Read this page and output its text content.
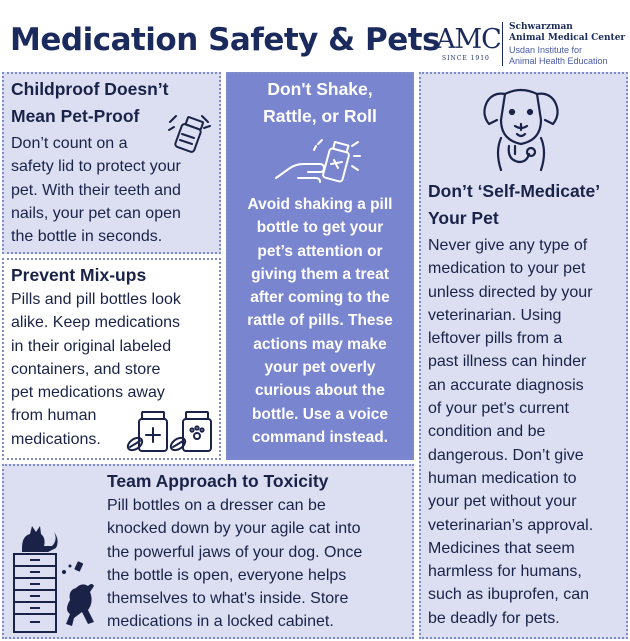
Medication Safety & Pets
AMC
SINCE 1910
Schwarzman
Animal Medical Center
Usdan Institute for
Animal Health Education
Childproof Doesn’t
Mean Pet-Proof
Don’t count on a
safety lid to protect your
pet. With their teeth and
nails, your pet can open
the bottle in seconds.
Don't Shake,
Rattle, or Roll
Avoid shaking a pill
bottle to get your
pet’s attention or
giving them a treat
after coming to the
rattle of pills. These
actions may make
your pet overly
curious about the
bottle. Use a voice
command instead.
Don’t ‘Self-Medicate’
Your Pet
Never give any type of
medication to your pet
unless directed by your
veterinarian. Using
leftover pills from a
past illness can hinder
an accurate diagnosis
of your pet's current
condition and be
dangerous. Don’t give
human medication to
your pet without your
veterinarian’s approval.
Medicines that seem
harmless for humans,
such as ibuprofen, can
be deadly for pets.
Prevent Mix-ups
Pills and pill bottles look
alike. Keep medications
in their original labeled
containers, and store
pet medications away
from human
medications.
Team Approach to Toxicity
Pill bottles on a dresser can be
knocked down by your agile cat into
the powerful jaws of your dog. Once
the bottle is open, everyone helps
themselves to what's inside. Store
medications in a locked cabinet.
